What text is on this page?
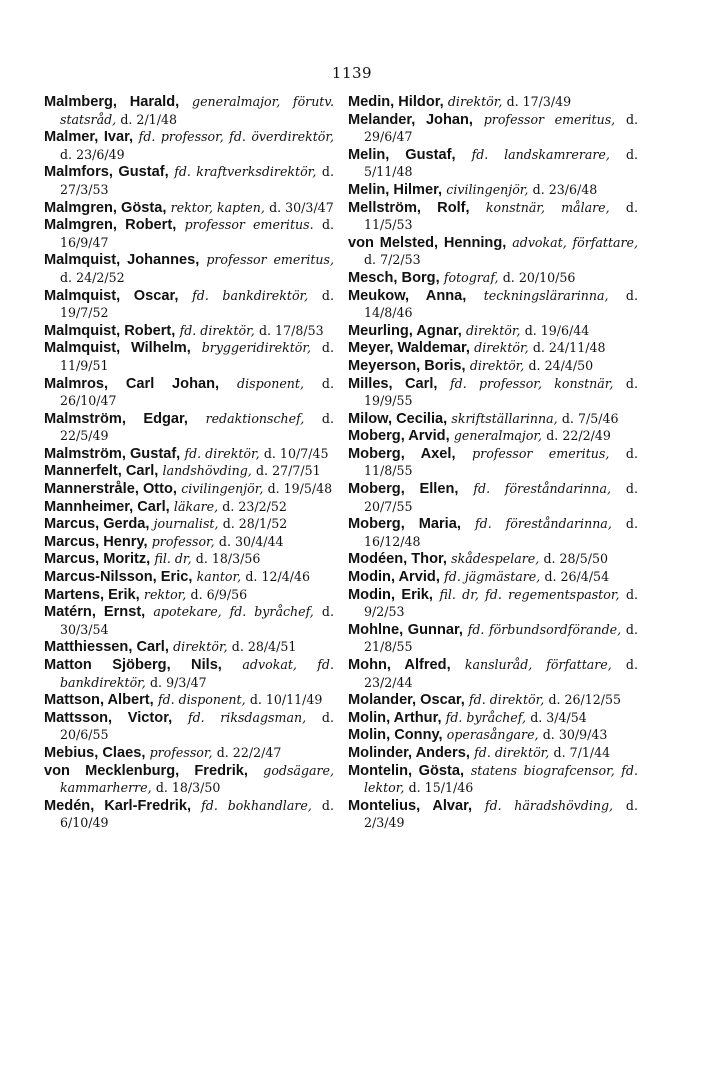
1139
Malmberg, Harald, generalmajor, förutv. statsråd, d. 2/1/48
Malmer, Ivar, fd. professor, fd. överdirektör, d. 23/6/49
Malmfors, Gustaf, fd. kraftverksdirektör, d. 27/3/53
Malmgren, Gösta, rektor, kapten, d. 30/3/47
Malmgren, Robert, professor emeritus. d. 16/9/47
Malmquist, Johannes, professor emeritus, d. 24/2/52
Malmquist, Oscar, fd. bankdirektör, d. 19/7/52
Malmquist, Robert, fd. direktör, d. 17/8/53
Malmquist, Wilhelm, bryggeridirektör, d. 11/9/51
Malmros, Carl Johan, disponent, d. 26/10/47
Malmström, Edgar, redaktionschef, d. 22/5/49
Malmström, Gustaf, fd. direktör, d. 10/7/45
Mannerfelt, Carl, landshövding, d. 27/7/51
Mannerstråle, Otto, civilingenjör, d. 19/5/48
Mannheimer, Carl, läkare, d. 23/2/52
Marcus, Gerda, journalist, d. 28/1/52
Marcus, Henry, professor, d. 30/4/44
Marcus, Moritz, fil. dr, d. 18/3/56
Marcus-Nilsson, Eric, kantor, d. 12/4/46
Martens, Erik, rektor, d. 6/9/56
Matérn, Ernst, apotekare, fd. byråchef, d. 30/3/54
Matthiessen, Carl, direktör, d. 28/4/51
Matton Sjöberg, Nils, advokat, fd. bankdirektör, d. 9/3/47
Mattson, Albert, fd. disponent, d. 10/11/49
Mattsson, Victor, fd. riksdagsman, d. 20/6/55
Mebius, Claes, professor, d. 22/2/47
von Mecklenburg, Fredrik, godsägare, kammarherre, d. 18/3/50
Medén, Karl-Fredrik, fd. bokhandlare, d. 6/10/49
Medin, Hildor, direktör, d. 17/3/49
Melander, Johan, professor emeritus, d. 29/6/47
Melin, Gustaf, fd. landskamrerare, d. 5/11/48
Melin, Hilmer, civilingenjör, d. 23/6/48
Mellström, Rolf, konstnär, målare, d. 11/5/53
von Melsted, Henning, advokat, författare, d. 7/2/53
Mesch, Borg, fotograf, d. 20/10/56
Meukow, Anna, teckningslärarinna, d. 14/8/46
Meurling, Agnar, direktör, d. 19/6/44
Meyer, Waldemar, direktör, d. 24/11/48
Meyerson, Boris, direktör, d. 24/4/50
Milles, Carl, fd. professor, konstnär, d. 19/9/55
Milow, Cecilia, skriftställarinna, d. 7/5/46
Moberg, Arvid, generalmajor, d. 22/2/49
Moberg, Axel, professor emeritus, d. 11/8/55
Moberg, Ellen, fd. föreståndarinna, d. 20/7/55
Moberg, Maria, fd. föreståndarinna, d. 16/12/48
Modéen, Thor, skådespelare, d. 28/5/50
Modin, Arvid, fd. jägmästare, d. 26/4/54
Modin, Erik, fil. dr, fd. regementspastor, d. 9/2/53
Mohlne, Gunnar, fd. förbundsordförande, d. 21/8/55
Mohn, Alfred, kanslиråd, författare, d. 23/2/44
Molander, Oscar, fd. direktör, d. 26/12/55
Molin, Arthur, fd. byråchef, d. 3/4/54
Molin, Conny, operasångare, d. 30/9/43
Molinder, Anders, fd. direktör, d. 7/1/44
Montelin, Gösta, statens biografcensor, fd. lektor, d. 15/1/46
Montelius, Alvar, fd. häradshövding, d. 2/3/49
